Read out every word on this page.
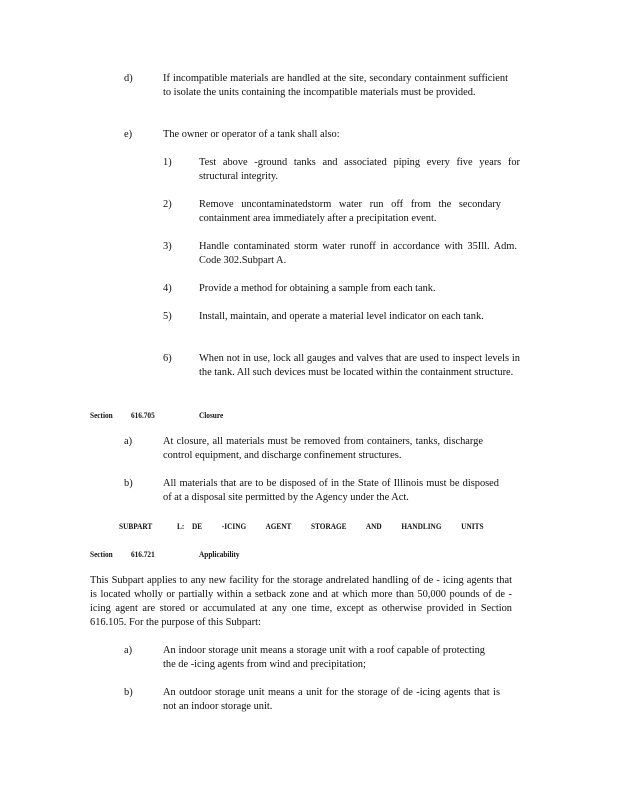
d)	If incompatible materials are handled at the site, secondary containment sufficient to isolate the units containing the incompatible materials must be provided.
e)	The owner or operator of a tank shall also:
1)	Test above -ground tanks and associated piping every five years for structural integrity.
2)	Remove uncontaminatedstorm water run off from the secondary containment area immediately after a precipitation event.
3)	Handle contaminated storm water runoff in accordance with 35Ill. Adm. Code 302.Subpart A.
4)	Provide a method for obtaining a sample from each tank.
5)	Install, maintain, and operate a material level indicator on each tank.
6)	When not in use, lock all gauges and valves that are used to inspect levels in the tank. All such devices must be located within the containment structure.
Section 616.705	Closure
a)	At closure, all materials must be removed from containers, tanks, discharge control equipment, and discharge confinement structures.
b)	All materials that are to be disposed of in the State of Illinois must be disposed of at a disposal site permitted by the Agency under the Act.
SUBPART	L: DE -ICING AGENT STORAGE AND HANDLING UNITS
Section 616.721	Applicability
This Subpart applies to any new facility for the storage andrelated handling of de - icing agents that is located wholly or partially within a setback zone and at which more than 50,000 pounds of de -icing agent are stored or accumulated at any one time, except as otherwise provided in Section 616.105. For the purpose of this Subpart:
a)	An indoor storage unit means a storage unit with a roof capable of protecting the de -icing agents from wind and precipitation;
b)	An outdoor storage unit means a unit for the storage of de -icing agents that is not an indoor storage unit.
